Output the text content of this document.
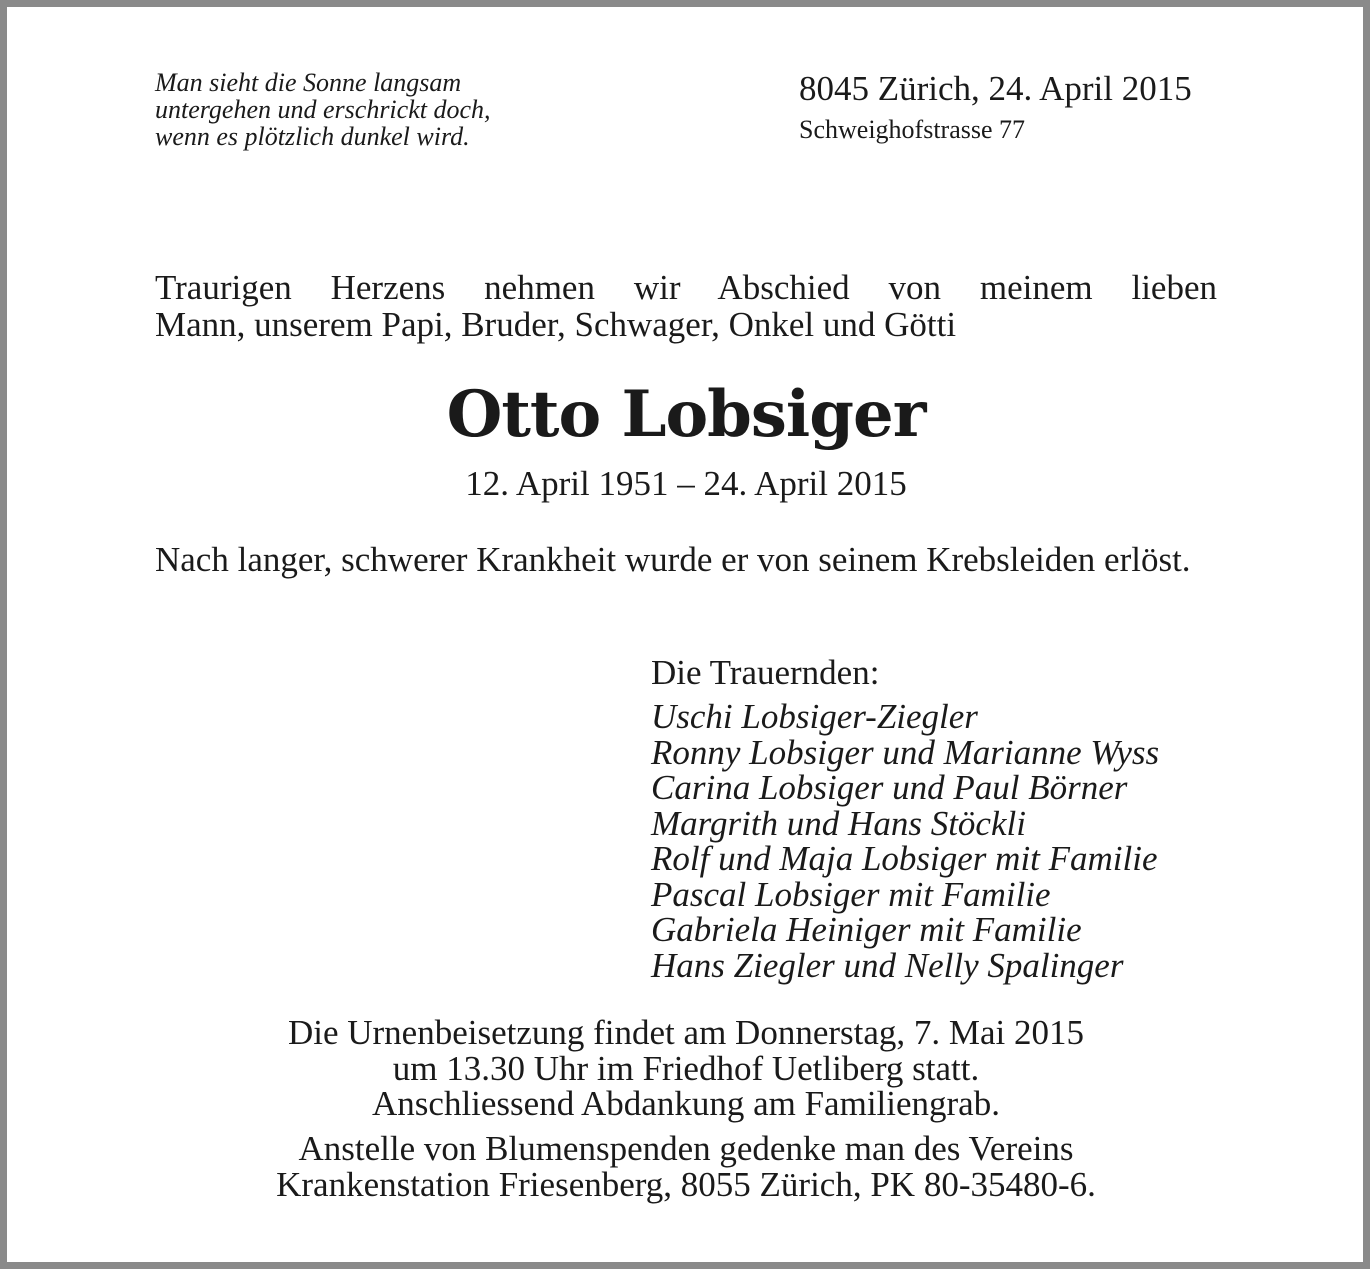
Man sieht die Sonne langsam
untergehen und erschrickt doch,
wenn es plötzlich dunkel wird.
8045 Zürich, 24. April 2015
Schweighofstrasse 77
Traurigen Herzens nehmen wir Abschied von meinem lieben
Mann, unserem Papi, Bruder, Schwager, Onkel und Götti
Otto Lobsiger
12. April 1951 – 24. April 2015
Nach langer, schwerer Krankheit wurde er von seinem Krebsleiden erlöst.
Die Trauernden:
Uschi Lobsiger-Ziegler
Ronny Lobsiger und Marianne Wyss
Carina Lobsiger und Paul Börner
Margrith und Hans Stöckli
Rolf und Maja Lobsiger mit Familie
Pascal Lobsiger mit Familie
Gabriela Heiniger mit Familie
Hans Ziegler und Nelly Spalinger
Die Urnenbeisetzung findet am Donnerstag, 7. Mai 2015
um 13.30 Uhr im Friedhof Uetliberg statt.
Anschliessend Abdankung am Familiengrab.
Anstelle von Blumenspenden gedenke man des Vereins
Krankenstation Friesenberg, 8055 Zürich, PK 80-35480-6.
